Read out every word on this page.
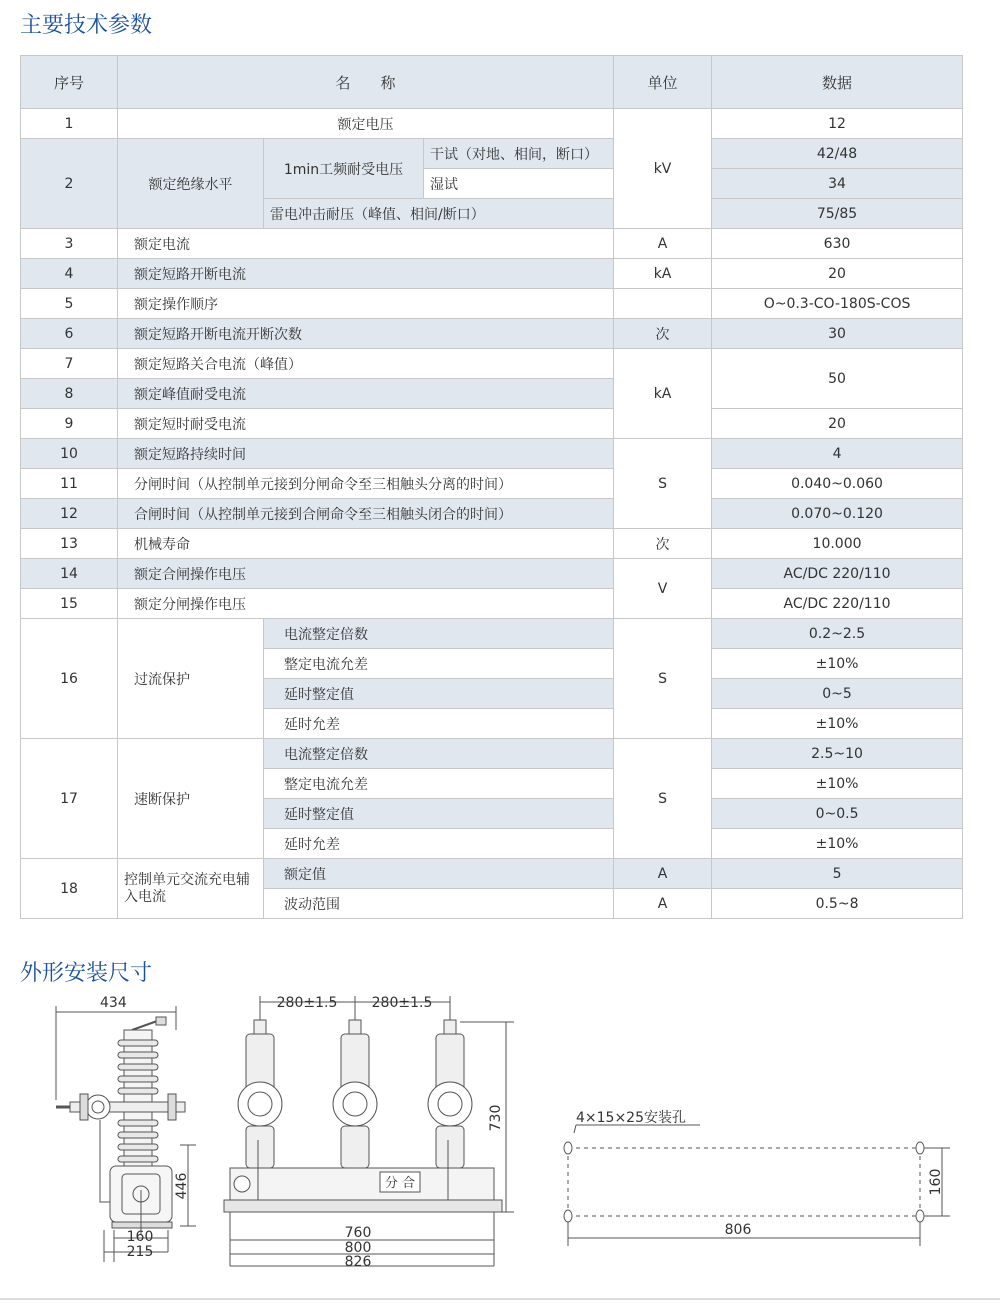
主要技术参数
序号	名　　称			单位	数据
1	额定电压			kV	12
2	额定绝缘水平	1min工频耐受电压	干试（对地、相间，断口）		42/48
			湿试		34
		雷电冲击耐压（峰值、相间/断口）			75/85
3	额定电流			A	630
4	额定短路开断电流			kA	20
5	额定操作顺序				O~0.3-CO-180S-COS
6	额定短路开断电流开断次数			次	30
7	额定短路关合电流（峰值）			kA	50
8	额定峰值耐受电流				
9	额定短时耐受电流				20
10	额定短路持续时间			S	4
11	分闸时间（从控制单元接到分闸命令至三相触头分离的时间）				0.040~0.060
12	合闸时间（从控制单元接到合闸命令至三相触头闭合的时间）				0.070~0.120
13	机械寿命			次	10.000
14	额定合闸操作电压			V	AC/DC 220/110
15	额定分闸操作电压				AC/DC 220/110
16	过流保护	电流整定倍数		S	0.2~2.5
		整定电流允差			±10%
		延时整定值			0~5
		延时允差			±10%
17	速断保护	电流整定倍数		S	2.5~10
		整定电流允差			±10%
		延时整定值			0~0.5
		延时允差			±10%
18	控制单元交流充电辅入电流	额定值		A	5
		波动范围		A	0.5~8
外形安装尺寸
434
446
160
215
280±1.5 280±1.5
分 合
730
760
800
826
4×15×25安装孔
160
806
